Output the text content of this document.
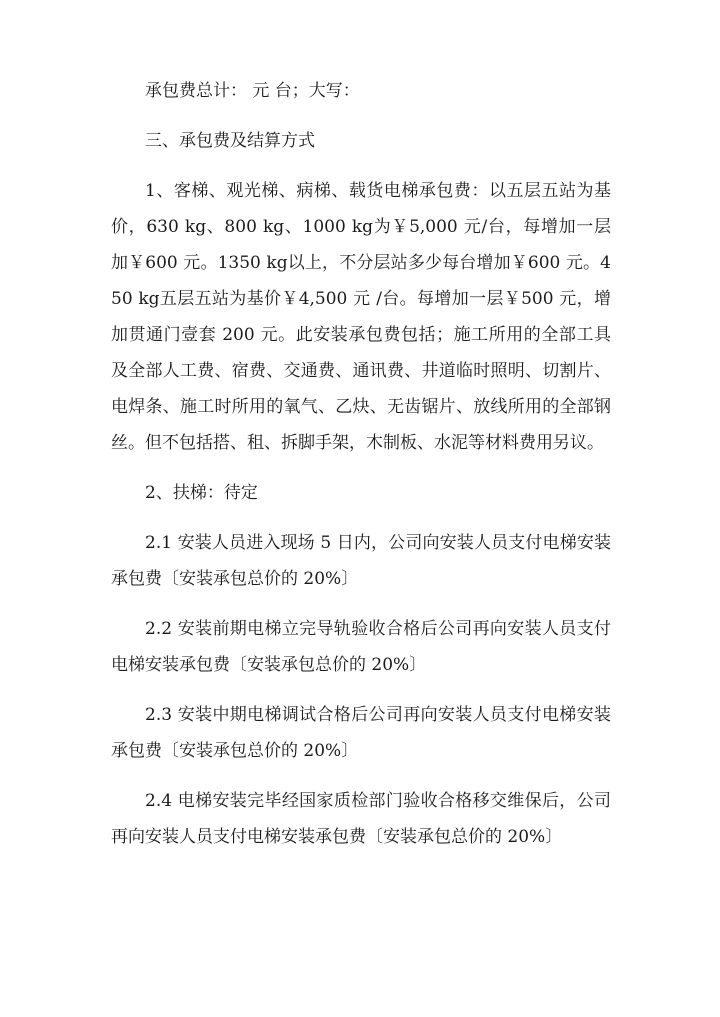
承包费总计： 元 台；大写：

三、承包费及结算方式

1、客梯、观光梯、病梯、载货电梯承包费：以五层五站为基价，630 kg、800 kg、1000 kg为￥5,000 元/台，每增加一层加￥600 元。1350 kg以上，不分层站多少每台增加￥600 元。450 kg五层五站为基价￥4,500 元 /台。每增加一层￥500 元，增加贯通门壹套 200 元。此安装承包费包括；施工所用的全部工具及全部人工费、宿费、交通费、通讯费、井道临时照明、切割片、电焊条、施工时所用的氧气、乙炔、无齿锯片、放线所用的全部钢丝。但不包括搭、租、拆脚手架，木制板、水泥等材料费用另议。

2、扶梯：待定

2.1 安装人员进入现场 5 日内，公司向安装人员支付电梯安装承包费〔安装承包总价的 20%〕

2.2 安装前期电梯立完导轨验收合格后公司再向安装人员支付电梯安装承包费〔安装承包总价的 20%〕

2.3 安装中期电梯调试合格后公司再向安装人员支付电梯安装承包费〔安装承包总价的 20%〕

2.4 电梯安装完毕经国家质检部门验收合格移交维保后，公司再向安装人员支付电梯安装承包费〔安装承包总价的 20%〕
